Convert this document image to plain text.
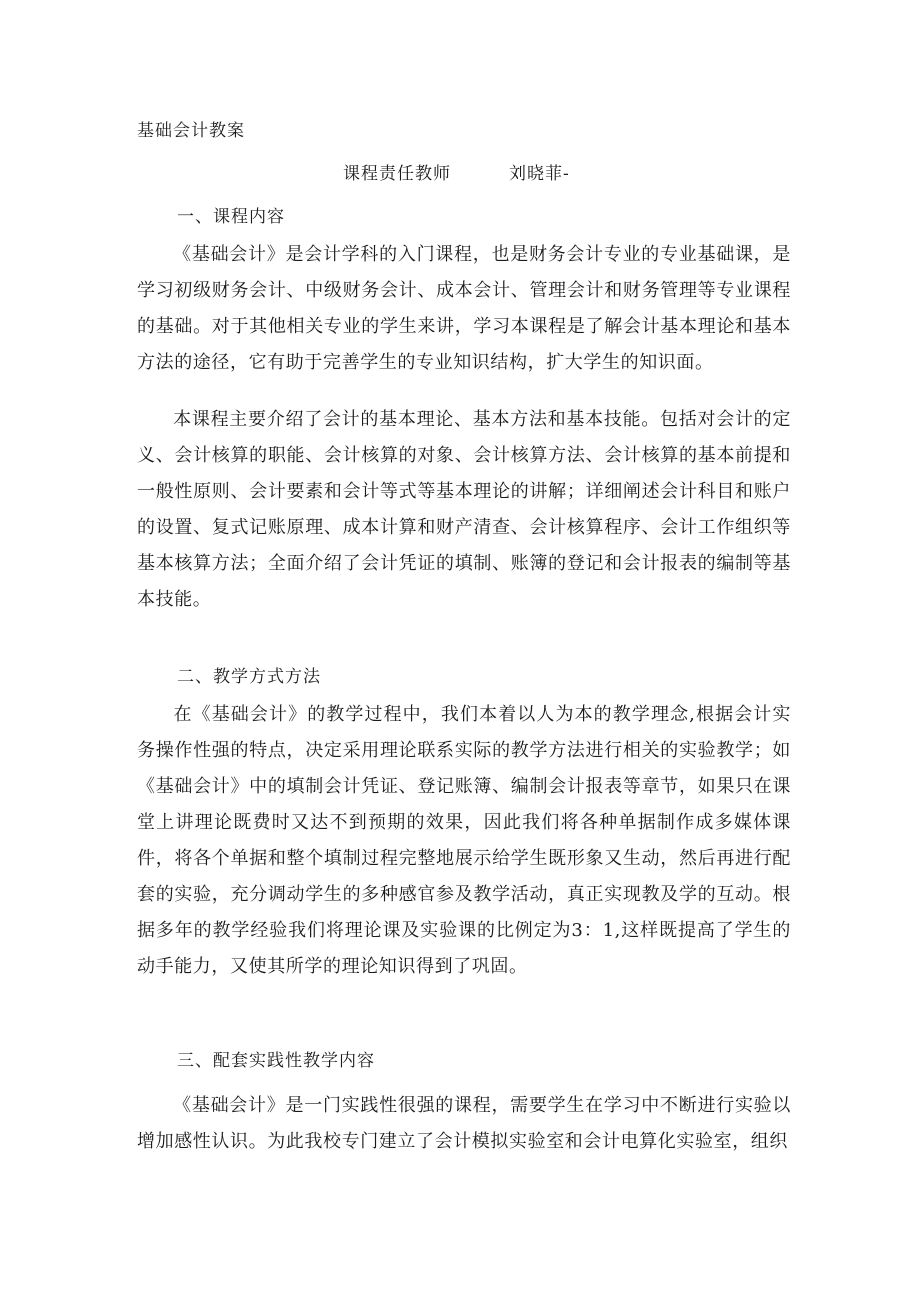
基础会计教案
课程责任教师	刘晓菲-
一、课程内容

《基础会计》是会计学科的入门课程，也是财务会计专业的专业基础课，是学习初级财务会计、中级财务会计、成本会计、管理会计和财务管理等专业课程的基础。对于其他相关专业的学生来讲，学习本课程是了解会计基本理论和基本方法的途径，它有助于完善学生的专业知识结构，扩大学生的知识面。

本课程主要介绍了会计的基本理论、基本方法和基本技能。包括对会计的定义、会计核算的职能、会计核算的对象、会计核算方法、会计核算的基本前提和一般性原则、会计要素和会计等式等基本理论的讲解；详细阐述会计科目和账户的设置、复式记账原理、成本计算和财产清查、会计核算程序、会计工作组织等基本核算方法；全面介绍了会计凭证的填制、账簿的登记和会计报表的编制等基本技能。

二、教学方式方法

在《基础会计》的教学过程中，我们本着以人为本的教学理念,根据会计实务操作性强的特点，决定采用理论联系实际的教学方法进行相关的实验教学；如《基础会计》中的填制会计凭证、登记账簿、编制会计报表等章节，如果只在课堂上讲理论既费时又达不到预期的效果，因此我们将各种单据制作成多媒体课件，将各个单据和整个填制过程完整地展示给学生既形象又生动，然后再进行配套的实验，充分调动学生的多种感官参及教学活动，真正实现教及学的互动。根据多年的教学经验我们将理论课及实验课的比例定为3：1,这样既提高了学生的动手能力，又使其所学的理论知识得到了巩固。

三、配套实践性教学内容

《基础会计》是一门实践性很强的课程，需要学生在学习中不断进行实验以增加感性认识。为此我校专门建立了会计模拟实验室和会计电算化实验室，组织
